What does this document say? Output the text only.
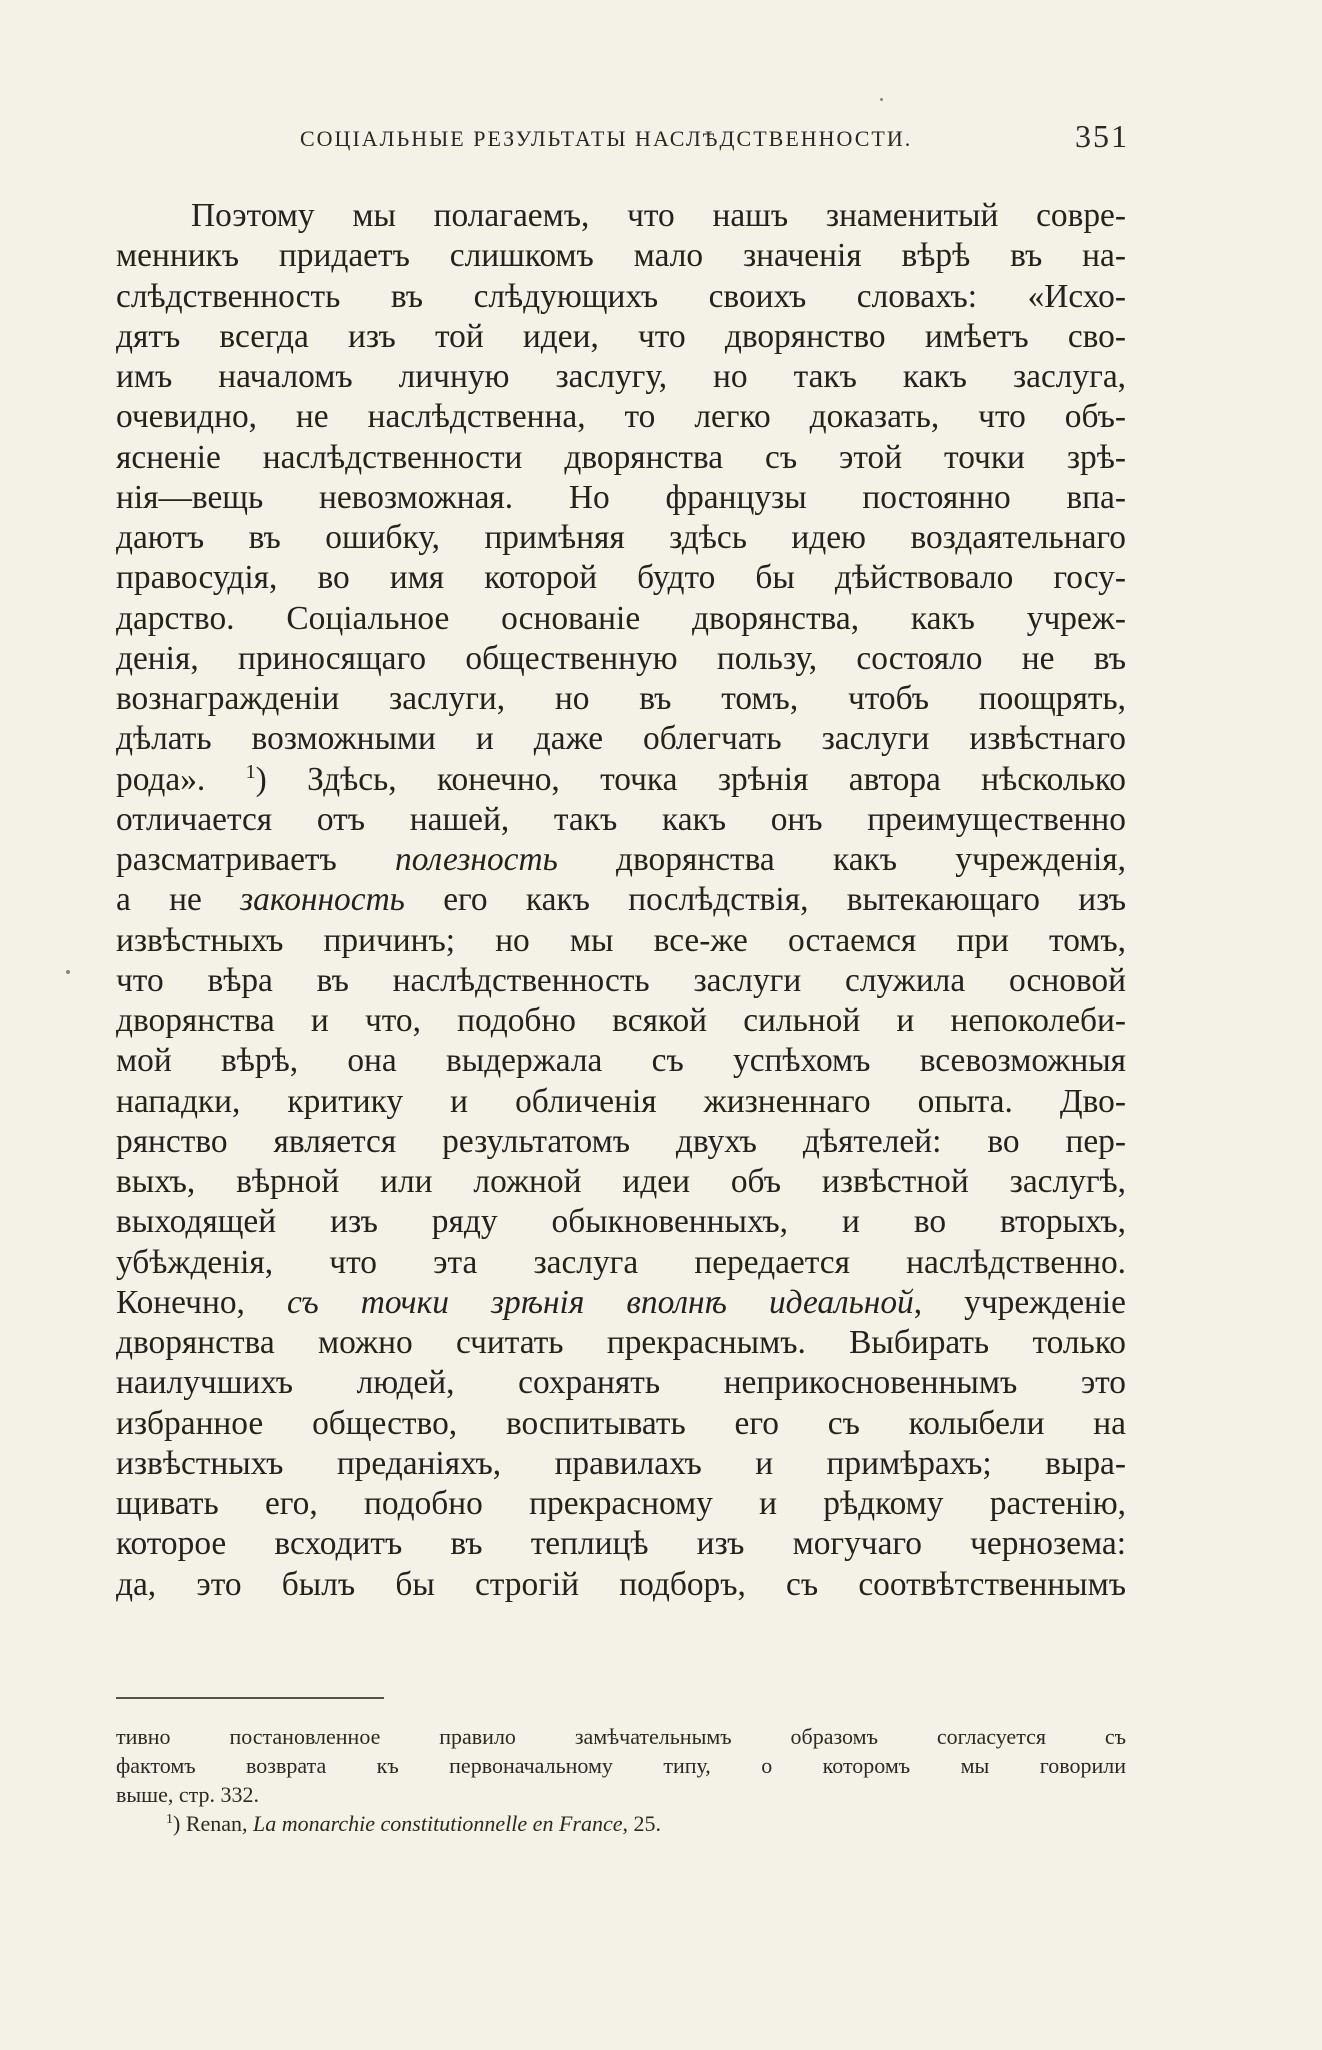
СОЦІАЛЬНЫЕ РЕЗУЛЬТАТЫ НАСЛѢДСТВЕННОСТИ.	351
Поэтому мы полагаемъ, что нашъ знаменитый совре-
менникъ придаетъ слишкомъ мало значенія вѣрѣ въ на-
слѣдственность въ слѣдующихъ своихъ словахъ: «Исхо-
дятъ всегда изъ той идеи, что дворянство имѣетъ сво-
имъ началомъ личную заслугу, но такъ какъ заслуга,
очевидно, не наслѣдственна, то легко доказать, что объ-
ясненіе наслѣдственности дворянства съ этой точки зрѣ-
нія—вещь невозможная. Но французы постоянно впа-
даютъ въ ошибку, примѣняя здѣсь идею воздаятельнаго
правосудія, во имя которой будто бы дѣйствовало госу-
дарство. Соціальное основаніе дворянства, какъ учреж-
денія, приносящаго общественную пользу, состояло не въ
вознагражденіи заслуги, но въ томъ, чтобъ поощрять,
дѣлать возможными и даже облегчать заслуги извѣстнаго
рода». $^1$) Здѣсь, конечно, точка зрѣнія автора нѣсколько
отличается отъ нашей, такъ какъ онъ преимущественно
разсматриваетъ полезность дворянства какъ учрежденія,
а не законность его какъ послѣдствія, вытекающаго изъ
извѣстныхъ причинъ; но мы все-же остаемся при томъ,
что вѣра въ наслѣдственность заслуги служила основой
дворянства и что, подобно всякой сильной и непоколеби-
мой вѣрѣ, она выдержала съ успѣхомъ всевозможныя
нападки, критику и обличенія жизненнаго опыта. Дво-
рянство является результатомъ двухъ дѣятелей: во пер-
выхъ, вѣрной или ложной идеи объ извѣстной заслугѣ,
выходящей изъ ряду обыкновенныхъ, и во вторыхъ,
убѣжденія, что эта заслуга передается наслѣдственно.
Конечно, съ точки зрѣнія вполнѣ идеальной, учрежденіе
дворянства можно считать прекраснымъ. Выбирать только
наилучшихъ людей, сохранять неприкосновеннымъ это
избранное общество, воспитывать его съ колыбели на
извѣстныхъ преданіяхъ, правилахъ и примѣрахъ; выра-
щивать его, подобно прекрасному и рѣдкому растенію,
которое всходитъ въ теплицѣ изъ могучаго чернозема:
да, это былъ бы строгій подборъ, съ соотвѣтственнымъ
тивно постановленное правило замѣчательнымъ образомъ согласуется съ
фактомъ возврата къ первоначальному типу, о которомъ мы говорили
выше, стр. 332.
$^1$) Renan, La monarchie constitutionnelle en France, 25.
